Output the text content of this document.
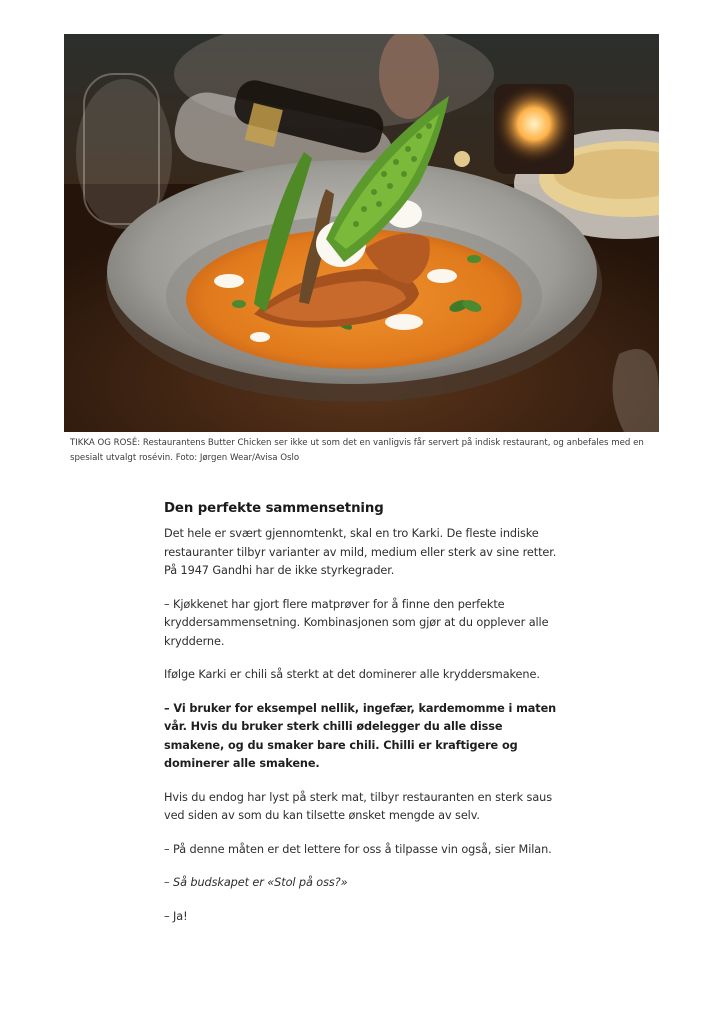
TIKKA OG ROSÉ: Restaurantens Butter Chicken ser ikke ut som det en vanligvis får servert på indisk restaurant, og anbefales med en spesialt utvalgt rosévin. Foto: Jørgen Wear/Avisa Oslo

Den perfekte sammensetning

Det hele er svært gjennomtenkt, skal en tro Karki. De fleste indiske restauranter tilbyr varianter av mild, medium eller sterk av sine retter. På 1947 Gandhi har de ikke styrkegrader.

– Kjøkkenet har gjort flere matprøver for å finne den perfekte kryddersammensetning. Kombinasjonen som gjør at du opplever alle krydderne.

Ifølge Karki er chili så sterkt at det dominerer alle kryddersmakene.

– Vi bruker for eksempel nellik, ingefær, kardemomme i maten vår. Hvis du bruker sterk chilli ødelegger du alle disse smakene, og du smaker bare chili. Chilli er kraftigere og dominerer alle smakene.

Hvis du endog har lyst på sterk mat, tilbyr restauranten en sterk saus ved siden av som du kan tilsette ønsket mengde av selv.

– På denne måten er det lettere for oss å tilpasse vin også, sier Milan.

– Så budskapet er «Stol på oss?»

– Ja!
